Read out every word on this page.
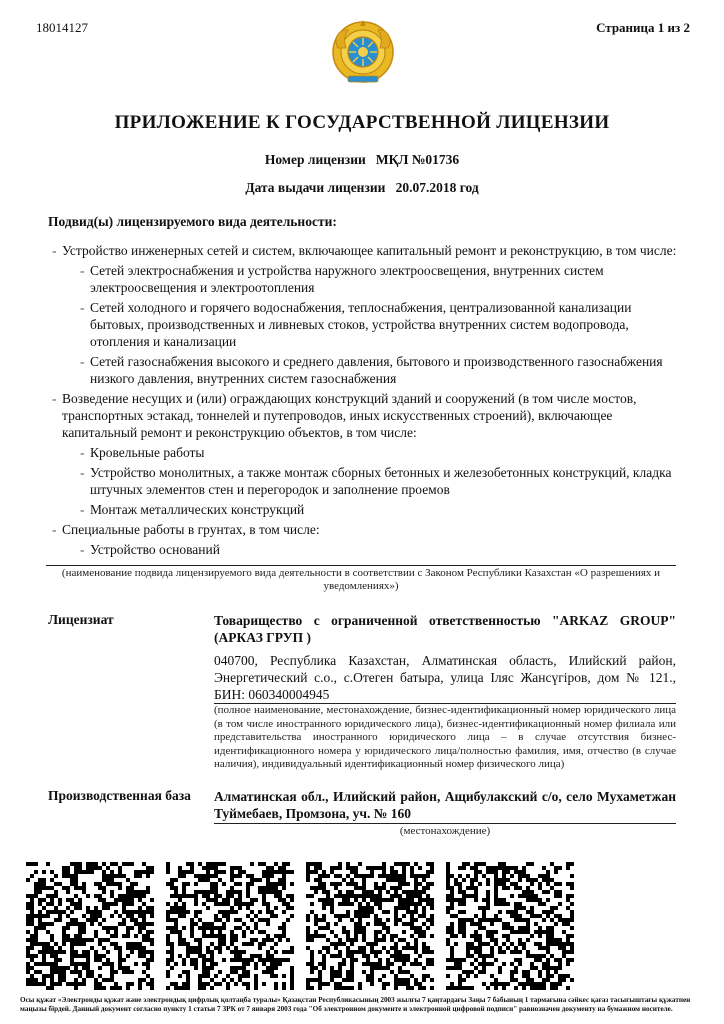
18014127	Страница 1 из 2
ПРИЛОЖЕНИЕ К ГОСУДАРСТВЕННОЙ ЛИЦЕНЗИИ
Номер лицензии МҚЛ №01736
Дата выдачи лицензии 20.07.2018 год
Подвид(ы) лицензируемого вида деятельности:
- Устройство инженерных сетей и систем, включающее капитальный ремонт и реконструкцию, в том числе:
- Сетей электроснабжения и устройства наружного электроосвещения, внутренних систем электроосвещения и электроотопления
- Сетей холодного и горячего водоснабжения, теплоснабжения, централизованной канализации бытовых, производственных и ливневых стоков, устройства внутренних систем водопровода, отопления и канализации
- Сетей газоснабжения высокого и среднего давления, бытового и производственного газоснабжения низкого давления, внутренних систем газоснабжения
- Возведение несущих и (или) ограждающих конструкций зданий и сооружений (в том числе мостов, транспортных эстакад, тоннелей и путепроводов, иных искусственных строений), включающее капитальный ремонт и реконструкцию объектов, в том числе:
- Кровельные работы
- Устройство монолитных, а также монтаж сборных бетонных и железобетонных конструкций, кладка штучных элементов стен и перегородок и заполнение проемов
- Монтаж металлических конструкций
- Специальные работы в грунтах, в том числе:
- Устройство оснований
(наименование подвида лицензируемого вида деятельности в соответствии с Законом Республики Казахстан «О разрешениях и уведомлениях»)
Лицензиат	Товарищество с ограниченной ответственностью "ARKAZ GROUP" (АРКАЗ ГРУП )
040700, Республика Казахстан, Алматинская область, Илийский район, Энергетический с.о., с.Отеген батыра, улица Іляс Жансүгіров, дом № 121., БИН: 060340004945
(полное наименование, местонахождение, бизнес-идентификационный номер юридического лица (в том числе иностранного юридического лица), бизнес-идентификационный номер филиала или представительства иностранного юридического лица – в случае отсутствия бизнес-идентификационного номера у юридического лица/полностью фамилия, имя, отчество (в случае наличия), индивидуальный идентификационный номер физического лица)
Производственная база Алматинская обл., Илийский район, Ащибулакский с/о, село Мухаметжан Туймебаев, Промзона, уч. № 160
(местонахождение)
Осы құжат «Электронды құжат және электрондық цифрлық қолтаңба туралы» Қазақстан Республикасының 2003 жылғы 7 қаңтардағы Заңы 7 бабының 1 тармағына сәйкес қағаз тасығыштағы құжатпен маңызы бірдей. Данный документ согласно пункту 1 статьи 7 ЗРК от 7 января 2003 года "Об электронном документе и электронной цифровой подписи" равнозначен документу на бумажном носителе.
